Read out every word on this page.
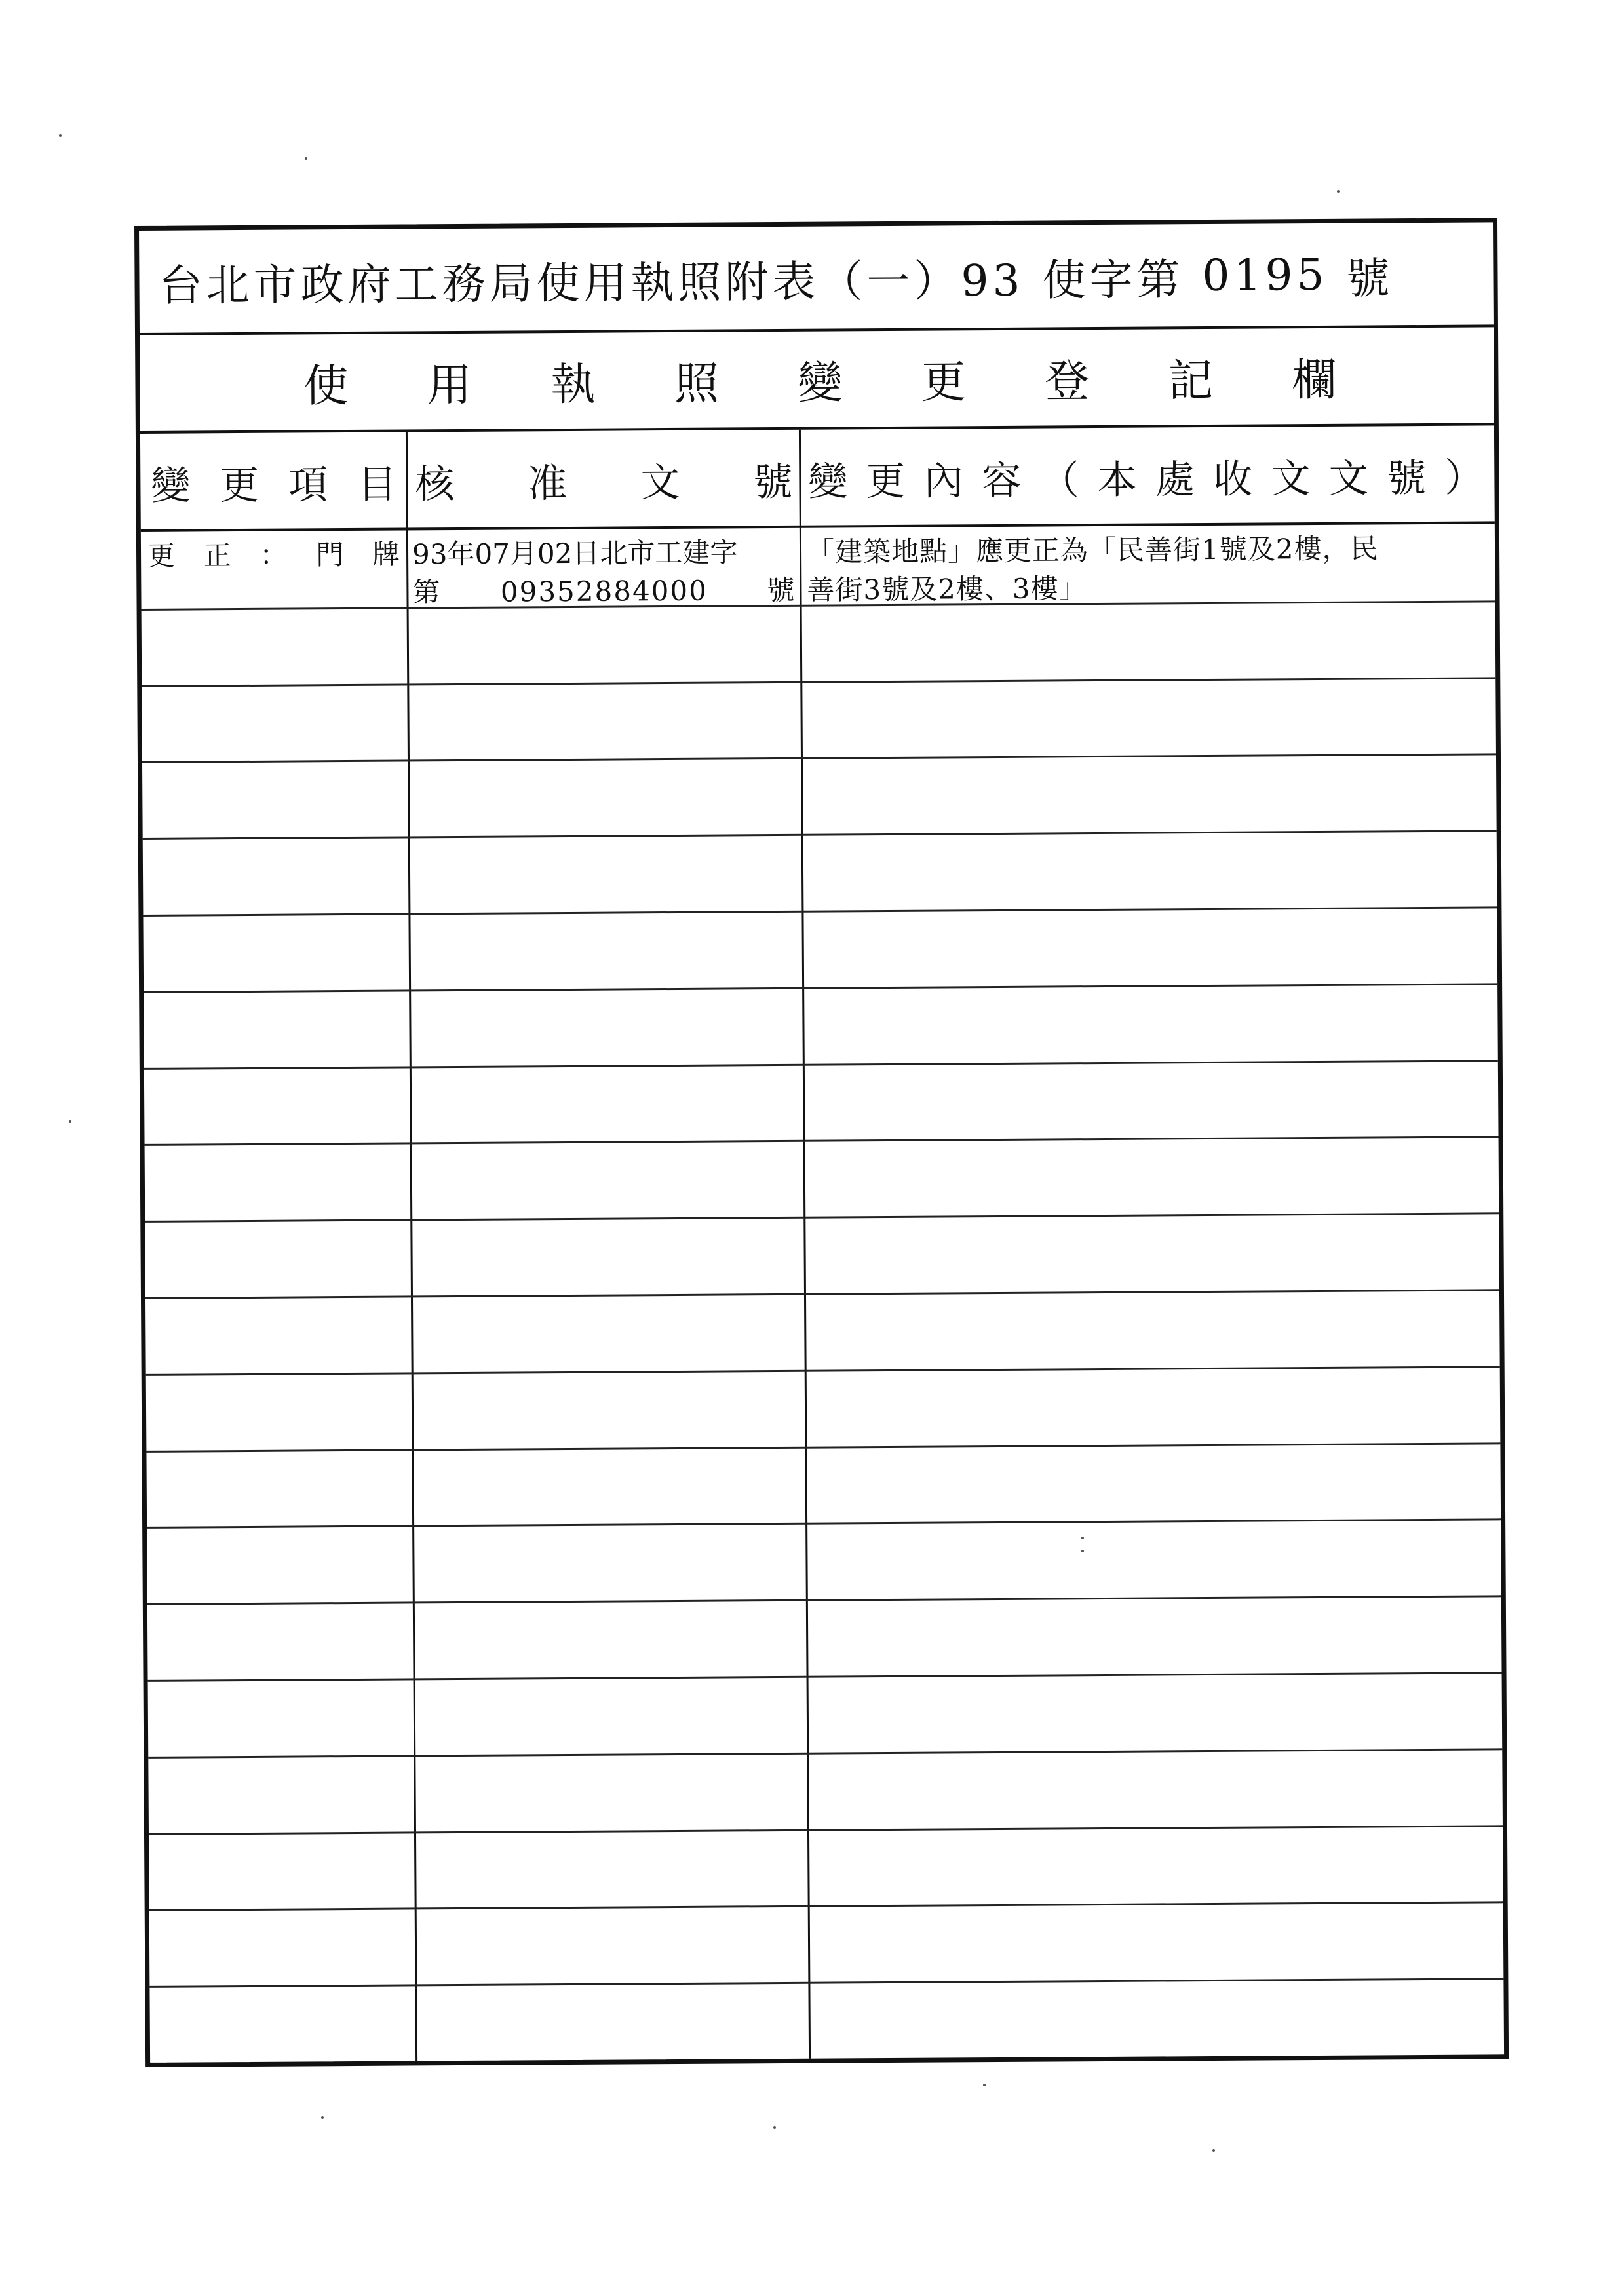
台北市政府工務局使用執照附表（一）93 使字第 0195 號
使 用 執 照 變 更 登 記 欄
變 更 項 目 核 准 文 號 變 更 內 容 （ 本 處 收 文 文 號 ）
更 正 ： 門 牌 93年07月02日北市工建字
第 09352884000 號
「建築地點」應更正為「民善街1號及2樓，民
善街3號及2樓、3樓」
